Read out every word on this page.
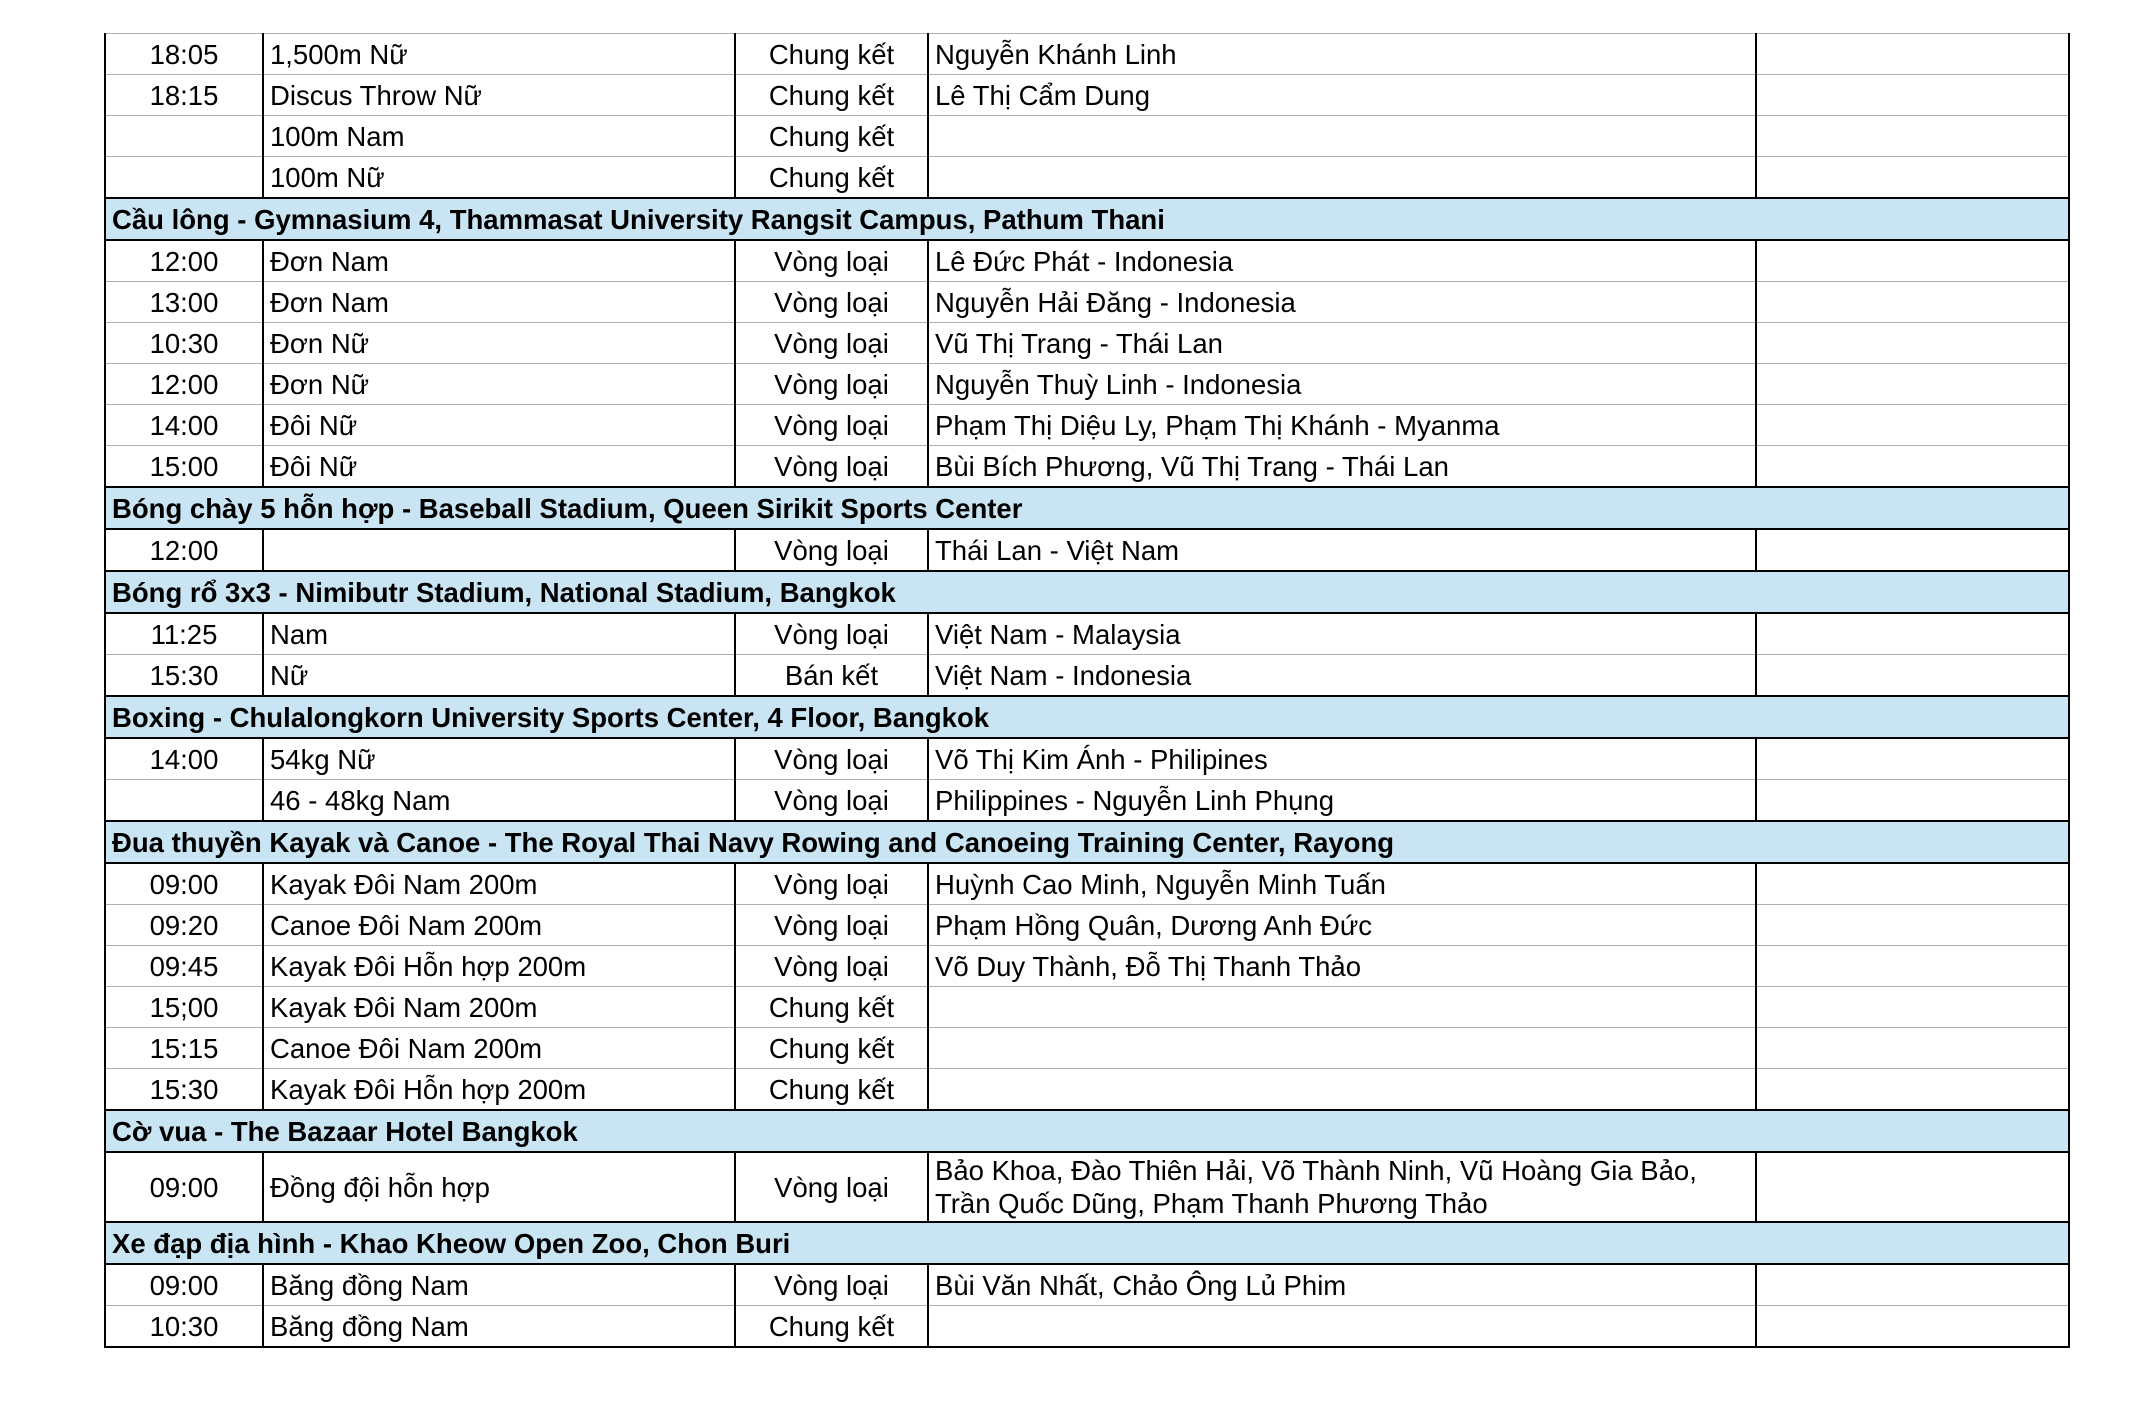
18:05	1,500m Nữ	Chung kết	Nguyễn Khánh Linh	
18:15	Discus Throw Nữ	Chung kết	Lê Thị Cẩm Dung	
	100m Nam	Chung kết		
	100m Nữ	Chung kết		
Cầu lông - Gymnasium 4, Thammasat University Rangsit Campus, Pathum Thani				
12:00	Đơn Nam	Vòng loại	Lê Đức Phát - Indonesia	
13:00	Đơn Nam	Vòng loại	Nguyễn Hải Đăng - Indonesia	
10:30	Đơn Nữ	Vòng loại	Vũ Thị Trang - Thái Lan	
12:00	Đơn Nữ	Vòng loại	Nguyễn Thuỳ Linh - Indonesia	
14:00	Đôi Nữ	Vòng loại	Phạm Thị Diệu Ly, Phạm Thị Khánh - Myanma	
15:00	Đôi Nữ	Vòng loại	Bùi Bích Phương, Vũ Thị Trang - Thái Lan	
Bóng chày 5 hỗn hợp - Baseball Stadium, Queen Sirikit Sports Center				
12:00		Vòng loại	Thái Lan - Việt Nam	
Bóng rổ 3x3 - Nimibutr Stadium, National Stadium, Bangkok				
11:25	Nam	Vòng loại	Việt Nam - Malaysia	
15:30	Nữ	Bán kết	Việt Nam - Indonesia	
Boxing - Chulalongkorn University Sports Center, 4 Floor, Bangkok				
14:00	54kg Nữ	Vòng loại	Võ Thị Kim Ánh - Philipines	
	46 - 48kg Nam	Vòng loại	Philippines - Nguyễn Linh Phụng	
Đua thuyền Kayak và Canoe - The Royal Thai Navy Rowing and Canoeing Training Center, Rayong				
09:00	Kayak Đôi Nam 200m	Vòng loại	Huỳnh Cao Minh, Nguyễn Minh Tuấn	
09:20	Canoe Đôi Nam 200m	Vòng loại	Phạm Hồng Quân, Dương Anh Đức	
09:45	Kayak Đôi Hỗn hợp 200m	Vòng loại	Võ Duy Thành, Đỗ Thị Thanh Thảo	
15;00	Kayak Đôi Nam 200m	Chung kết		
15:15	Canoe Đôi Nam 200m	Chung kết		
15:30	Kayak Đôi Hỗn hợp 200m	Chung kết		
Cờ vua - The Bazaar Hotel Bangkok				
09:00	Đồng đội hỗn hợp	Vòng loại	Bảo Khoa, Đào Thiên Hải, Võ Thành Ninh, Vũ Hoàng Gia Bảo, Trần Quốc Dũng, Phạm Thanh Phương Thảo	
Xe đạp địa hình - Khao Kheow Open Zoo, Chon Buri				
09:00	Băng đồng Nam	Vòng loại	Bùi Văn Nhất, Chảo Ông Lủ Phim	
10:30	Băng đồng Nam	Chung kết		
